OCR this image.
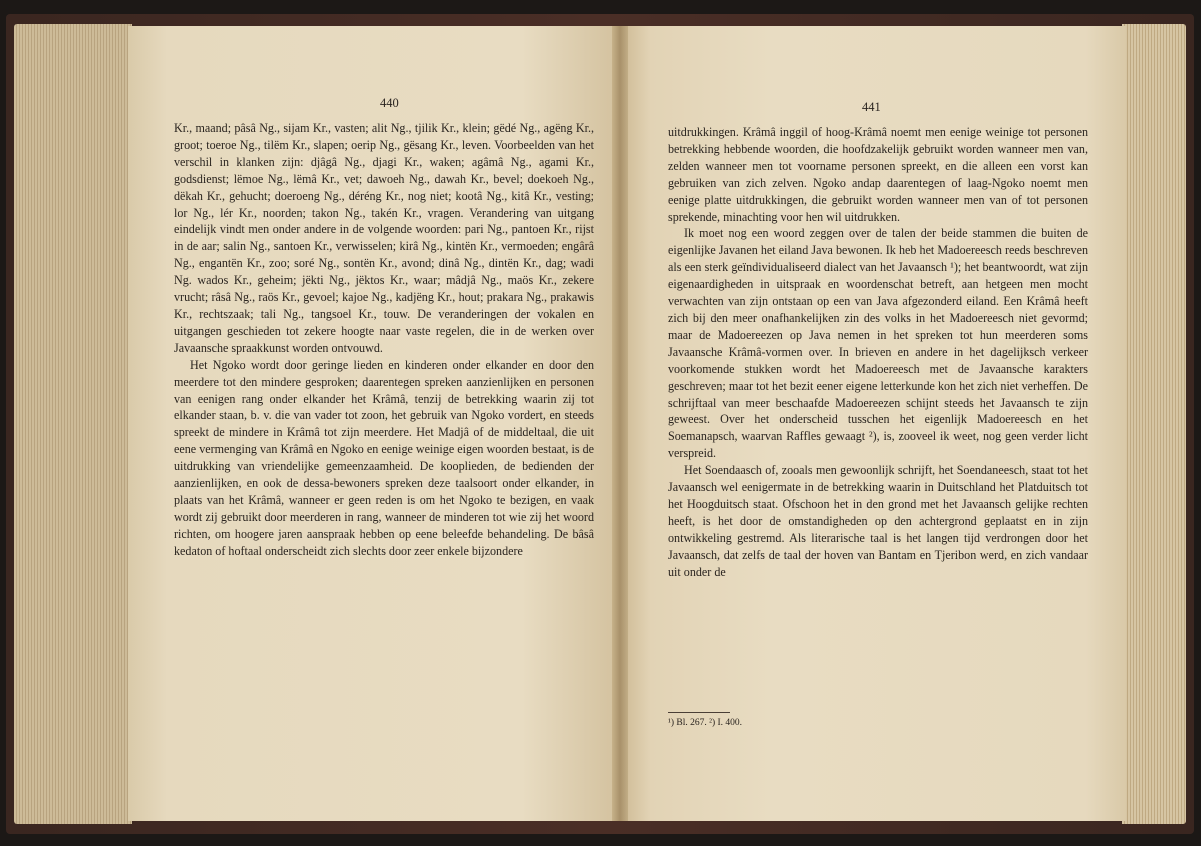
440

Kr., maand; pâsâ Ng., sijam Kr., vasten; alit Ng., tjilik Kr., klein; gëdé Ng., agëng Kr., groot; toeroe Ng., tilëm Kr., slapen; oerip Ng., gësang Kr., leven. Voorbeelden van het verschil in klanken zijn: djâgâ Ng., djagi Kr., waken; agâmâ Ng., agami Kr., godsdienst; lëmoe Ng., lëmâ Kr., vet; dawoeh Ng., dawah Kr., bevel; doekoeh Ng., dëkah Kr., gehucht; doeroeng Ng., déréng Kr., nog niet; kootâ Ng., kitâ Kr., vesting; lor Ng., lér Kr., noorden; takon Ng., takén Kr., vragen. Verandering van uitgang eindelijk vindt men onder andere in de volgende woorden: pari Ng., pantoen Kr., rijst in de aar; salin Ng., santoen Kr., verwisselen; kirâ Ng., kintën Kr., vermoeden; engârâ Ng., engantën Kr., zoo; soré Ng., sontën Kr., avond; dinâ Ng., dintën Kr., dag; wadi Ng. wados Kr., geheim; jëkti Ng., jëktos Kr., waar; mâdjâ Ng., maös Kr., zekere vrucht; râsâ Ng., raös Kr., gevoel; kajoe Ng., kadjëng Kr., hout; prakara Ng., prakawis Kr., rechtszaak; tali Ng., tangsoel Kr., touw. De veranderingen der vokalen en uitgangen geschieden tot zekere hoogte naar vaste regelen, die in de werken over Javaansche spraakkunst worden ontvouwd.

Het Ngoko wordt door geringe lieden en kinderen onder elkander en door den meerdere tot den mindere gesproken; daarentegen spreken aanzienlijken en personen van eenigen rang onder elkander het Krâmâ, tenzij de betrekking waarin zij tot elkander staan, b. v. die van vader tot zoon, het gebruik van Ngoko vordert, en steeds spreekt de mindere in Krâmâ tot zijn meerdere. Het Madjâ of de middeltaal, die uit eene vermenging van Krâmâ en Ngoko en eenige weinige eigen woorden bestaat, is de uitdrukking van vriendelijke gemeenzaamheid. De kooplieden, de bedienden der aanzienlijken, en ook de dessa-bewoners spreken deze taalsoort onder elkander, in plaats van het Krâmâ, wanneer er geen reden is om het Ngoko te bezigen, en vaak wordt zij gebruikt door meerderen in rang, wanneer de minderen tot wie zij het woord richten, om hoogere jaren aanspraak hebben op eene beleefde behandeling. De bâsâ kedaton of hoftaal onderscheidt zich slechts door zeer enkele bijzondere

441

uitdrukkingen. Krâmâ inggil of hoog-Krâmâ noemt men eenige weinige tot personen betrekking hebbende woorden, die hoofdzakelijk gebruikt worden wanneer men van, zelden wanneer men tot voorname personen spreekt, en die alleen een vorst kan gebruiken van zich zelven. Ngoko andap daarentegen of laag-Ngoko noemt men eenige platte uitdrukkingen, die gebruikt worden wanneer men van of tot personen sprekende, minachting voor hen wil uitdrukken.

Ik moet nog een woord zeggen over de talen der beide stammen die buiten de eigenlijke Javanen het eiland Java bewonen. Ik heb het Madoereesch reeds beschreven als een sterk geïndividualiseerd dialect van het Javaansch ¹); het beantwoordt, wat zijn eigenaardigheden in uitspraak en woordenschat betreft, aan hetgeen men mocht verwachten van zijn ontstaan op een van Java afgezonderd eiland. Een Krâmâ heeft zich bij den meer onafhankelijken zin des volks in het Madoereesch niet gevormd; maar de Madoereezen op Java nemen in het spreken tot hun meerderen soms Javaansche Krâmâ-vormen over. In brieven en andere in het dagelijksch verkeer voorkomende stukken wordt het Madoereesch met de Javaansche karakters geschreven; maar tot het bezit eener eigene letterkunde kon het zich niet verheffen. De schrijftaal van meer beschaafde Madoereezen schijnt steeds het Javaansch te zijn geweest. Over het onderscheid tusschen het eigenlijk Madoereesch en het Soemanapsch, waarvan Raffles gewaagt ²), is, zooveel ik weet, nog geen verder licht verspreid.

Het Soendaasch of, zooals men gewoonlijk schrijft, het Soendaneesch, staat tot het Javaansch wel eenigermate in de betrekking waarin in Duitschland het Platduitsch tot het Hoogduitsch staat. Ofschoon het in den grond met het Javaansch gelijke rechten heeft, is het door de omstandigheden op den achtergrond geplaatst en in zijn ontwikkeling gestremd. Als literarische taal is het langen tijd verdrongen door het Javaansch, dat zelfs de taal der hoven van Bantam en Tjeribon werd, en zich vandaar uit onder de

¹) Bl. 267. ²) I. 400.
